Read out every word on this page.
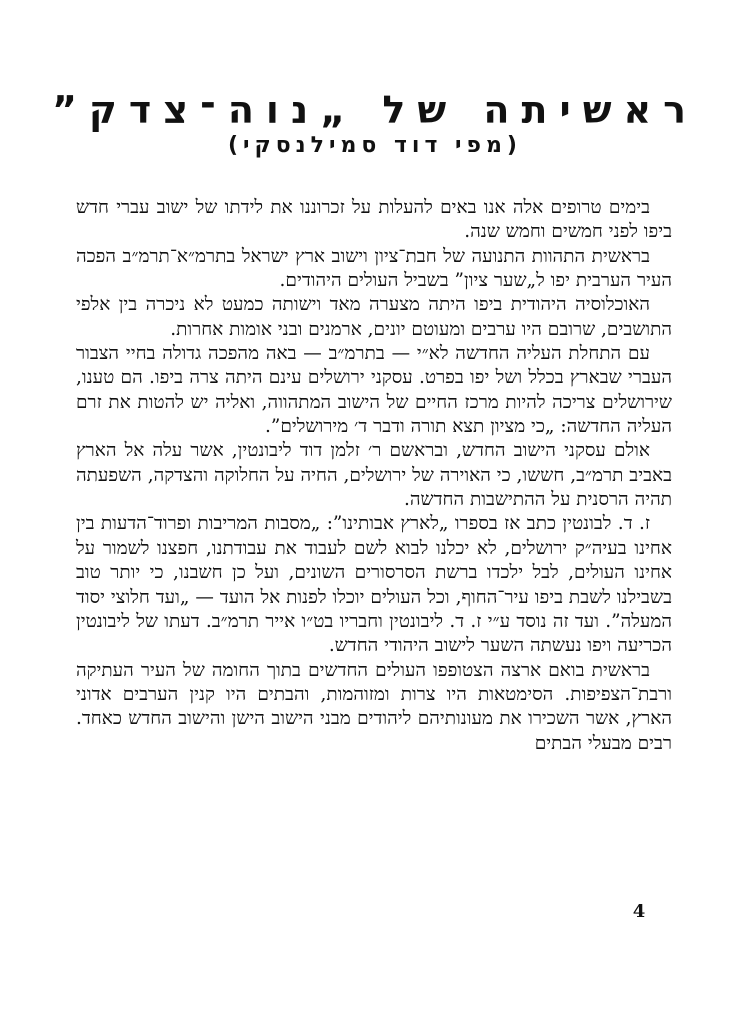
ראשיתה של „נוה־צדק”
(מפי דוד סמילנסקי)

בימים טרופים אלה אנו באים להעלות על זכרוננו את לידתו של ישוב עברי חדש ביפו לפני חמשים וחמש שנה.

בראשית התהוות התנועה של חבת־ציון וישוב ארץ ישראל בתרמ״א־תרמ״ב הפכה העיר הערבית יפו ל„שער ציון” בשביל העולים היהודים.

האוכלוסיה היהודית ביפו היתה מצערה מאד וישותה כמעט לא ניכרה בין אלפי התושבים, שרובם היו ערבים ומעוטם יונים, ארמנים ובני אומות אחרות.

עם התחלת העליה החדשה לא״י — בתרמ״ב — באה מהפכה גדולה בחיי הצבור העברי שבארץ בכלל ושל יפו בפרט. עסקני ירושלים עינם היתה צרה ביפו. הם טענו, שירושלים צריכה להיות מרכז החיים של הישוב המתהווה, ואליה יש להטות את זרם העליה החדשה: „כי מציון תצא תורה ודבר ד׳ מירושלים”.

אולם עסקני הישוב החדש, ובראשם ר׳ זלמן דוד ליבונטין, אשר עלה אל הארץ באביב תרמ״ב, חששו, כי האוירה של ירושלים, החיה על החלוקה והצדקה, השפעתה תהיה הרסנית על ההתישבות החדשה.

ז. ד. לבונטין כתב אז בספרו „לארץ אבותינו”: „מסבות המריבות ופרוד־הדעות בין אחינו בעיה״ק ירושלים, לא יכלנו לבוא לשם לעבוד את עבודתנו, חפצנו לשמור על אחינו העולים, לבל ילכדו ברשת הסרסורים השונים, ועל כן חשבנו, כי יותר טוב בשבילנו לשבת ביפו עיר־החוף, וכל העולים יוכלו לפנות אל הועד — „ועד חלוצי יסוד המעלה”. ועד זה נוסד ע״י ז. ד. ליבונטין וחבריו בט״ו אייר תרמ״ב. דעתו של ליבונטין הכריעה ויפו נעשתה השער לישוב היהודי החדש.

בראשית בואם ארצה הצטופפו העולים החדשים בתוך החומה של העיר העתיקה ורבת־הצפיפות. הסימטאות היו צרות ומזוהמות, והבתים היו קנין הערבים אדוני הארץ, אשר השכירו את מעונותיהם ליהודים מבני הישוב הישן והישוב החדש כאחד. רבים מבעלי הבתים

4
